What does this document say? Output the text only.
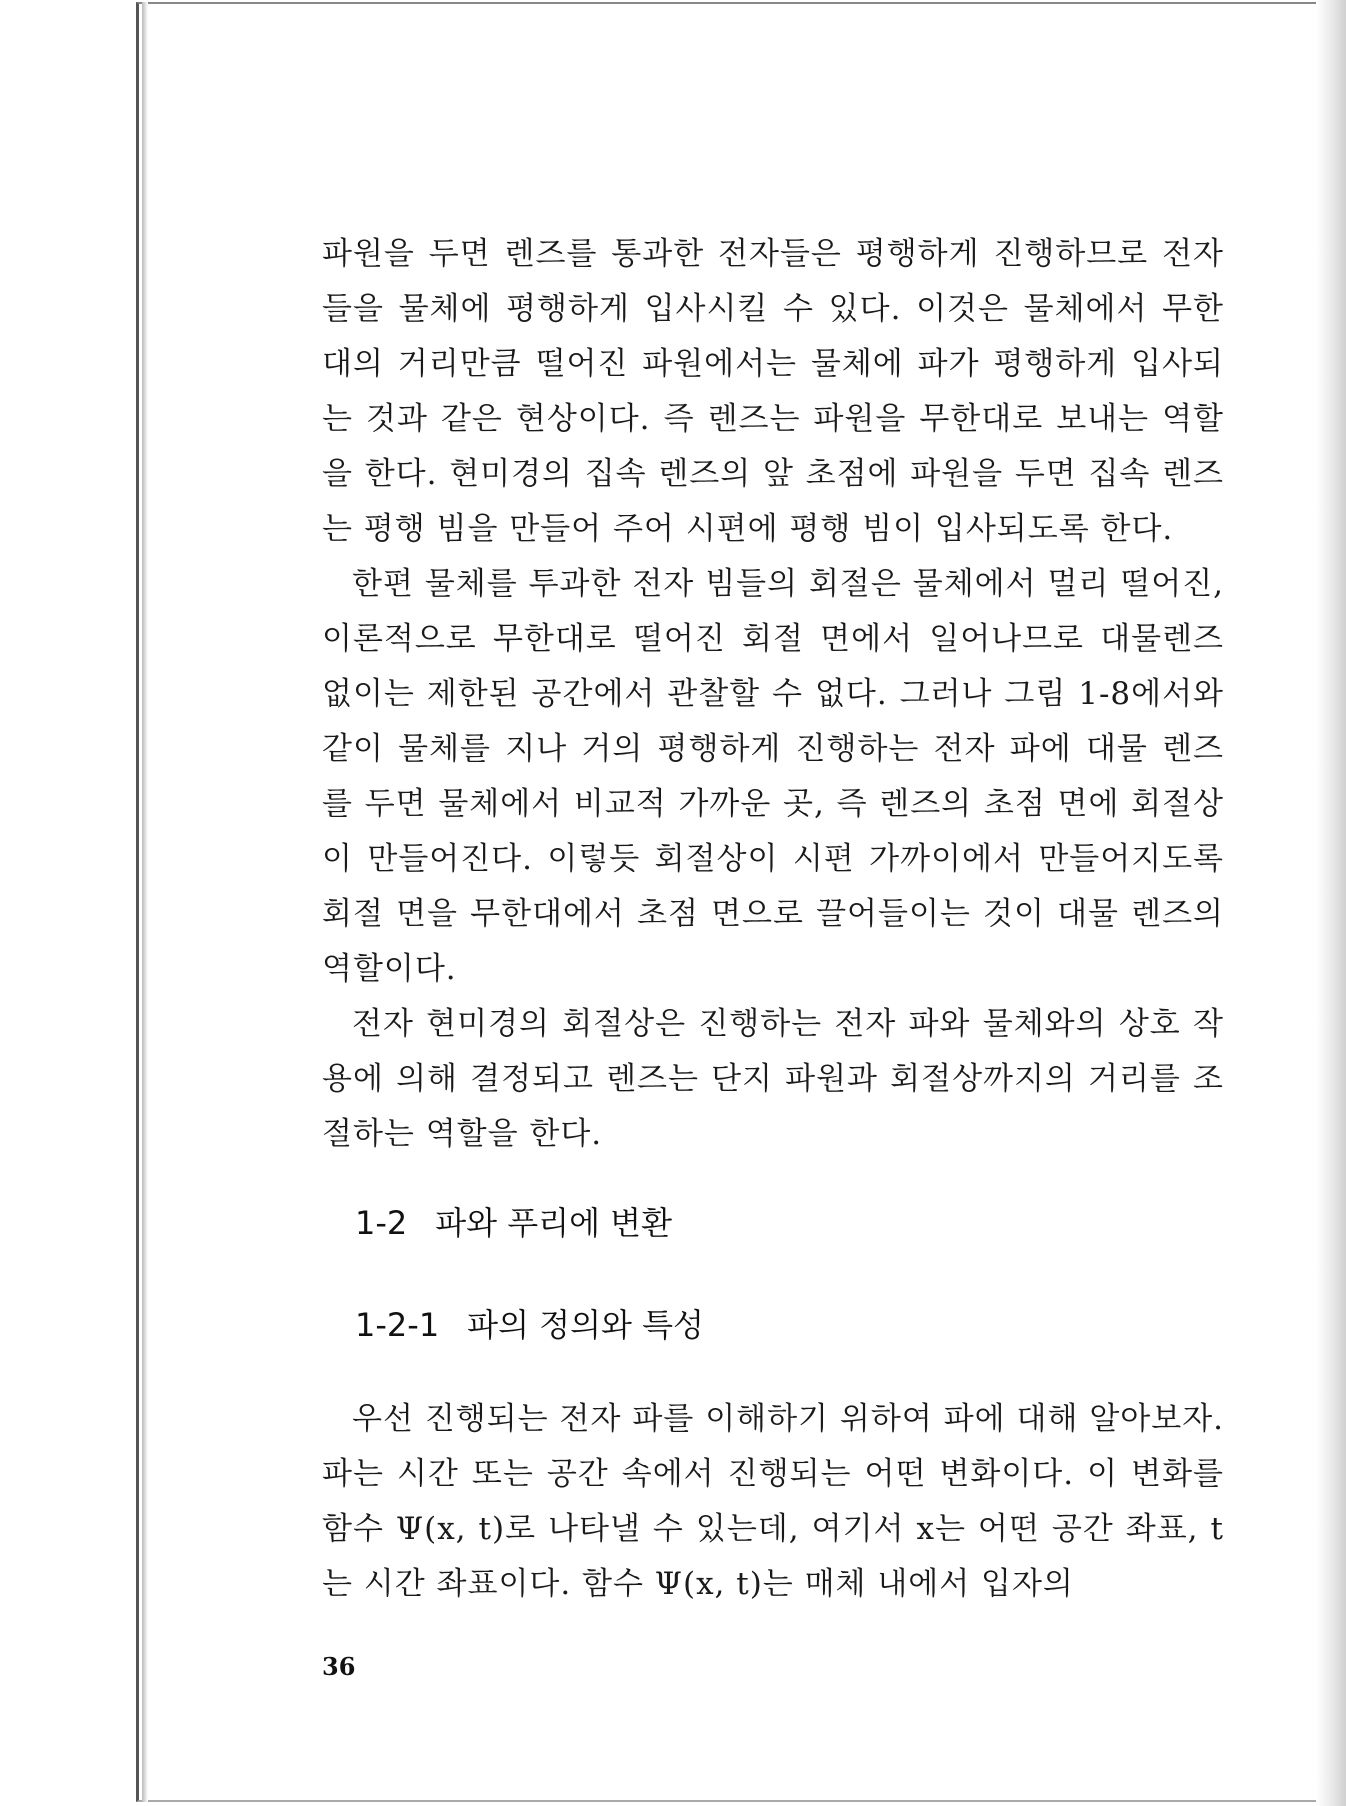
파원을 두면 렌즈를 통과한 전자들은 평행하게 진행하므로 전자들을 물체에 평행하게 입사시킬 수 있다. 이것은 물체에서 무한대의 거리만큼 떨어진 파원에서는 물체에 파가 평행하게 입사되는 것과 같은 현상이다. 즉 렌즈는 파원을 무한대로 보내는 역할을 한다. 현미경의 집속 렌즈의 앞 초점에 파원을 두면 집속 렌즈는 평행 빔을 만들어 주어 시편에 평행 빔이 입사되도록 한다.

한편 물체를 투과한 전자 빔들의 회절은 물체에서 멀리 떨어진, 이론적으로 무한대로 떨어진 회절 면에서 일어나므로 대물렌즈 없이는 제한된 공간에서 관찰할 수 없다. 그러나 그림 1-8에서와 같이 물체를 지나 거의 평행하게 진행하는 전자 파에 대물 렌즈를 두면 물체에서 비교적 가까운 곳, 즉 렌즈의 초점 면에 회절상이 만들어진다. 이렇듯 회절상이 시편 가까이에서 만들어지도록 회절 면을 무한대에서 초점 면으로 끌어들이는 것이 대물 렌즈의 역할이다.

전자 현미경의 회절상은 진행하는 전자 파와 물체와의 상호 작용에 의해 결정되고 렌즈는 단지 파원과 회절상까지의 거리를 조절하는 역할을 한다.

1-2 파와 푸리에 변환
1-2-1 파의 정의와 특성

우선 진행되는 전자 파를 이해하기 위하여 파에 대해 알아보자. 파는 시간 또는 공간 속에서 진행되는 어떤 변화이다. 이 변화를 함수 Ψ(x, t)로 나타낼 수 있는데, 여기서 x는 어떤 공간 좌표, t는 시간 좌표이다. 함수 Ψ(x, t)는 매체 내에서 입자의

36
